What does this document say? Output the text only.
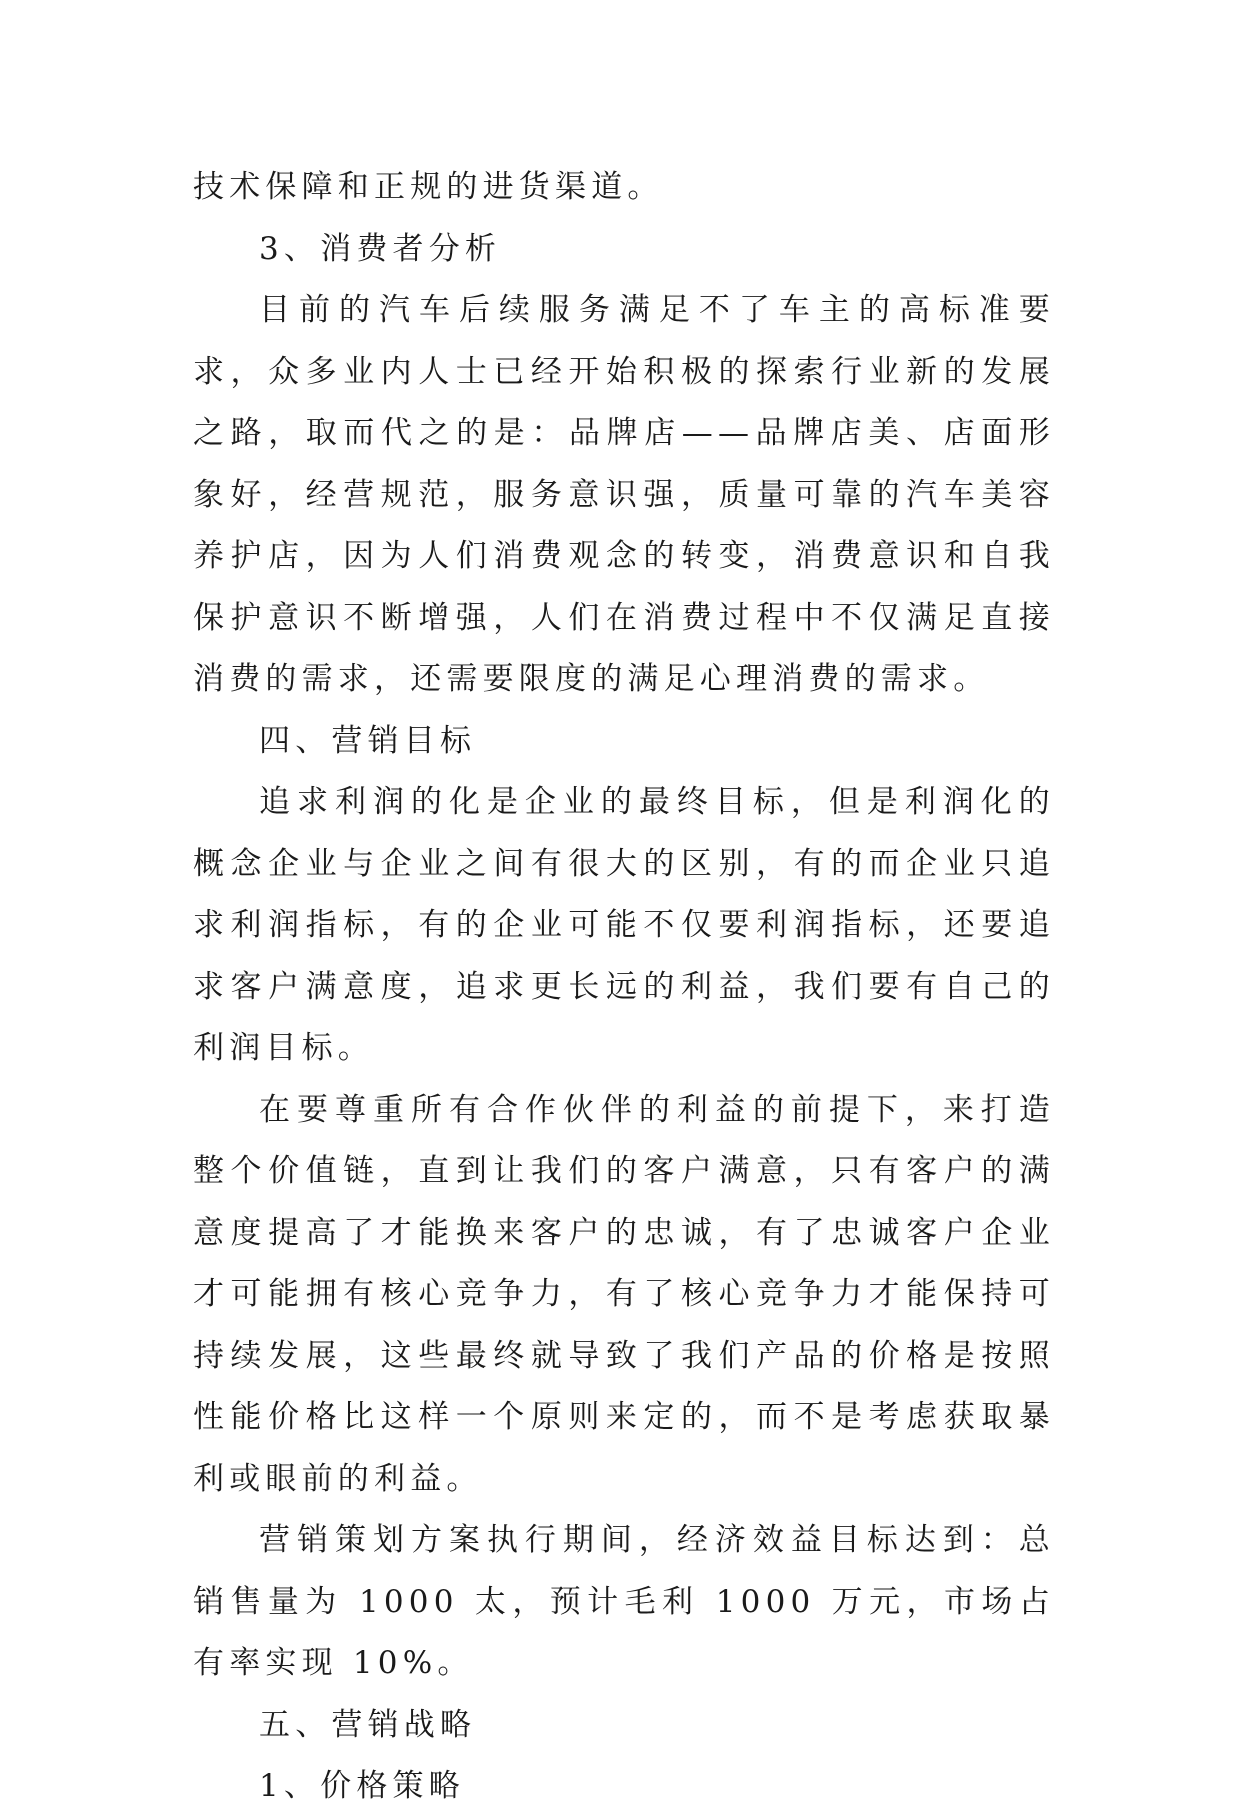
技术保障和正规的进货渠道。

3、消费者分析

目前的汽车后续服务满足不了车主的高标准要求，众多业内人士已经开始积极的探索行业新的发展之路，取而代之的是：品牌店——品牌店美、店面形象好，经营规范，服务意识强，质量可靠的汽车美容养护店，因为人们消费观念的转变，消费意识和自我保护意识不断增强，人们在消费过程中不仅满足直接消费的需求，还需要限度的满足心理消费的需求。

四、营销目标

追求利润的化是企业的最终目标，但是利润化的概念企业与企业之间有很大的区别，有的而企业只追求利润指标，有的企业可能不仅要利润指标，还要追求客户满意度，追求更长远的利益，我们要有自己的利润目标。

在要尊重所有合作伙伴的利益的前提下，来打造整个价值链，直到让我们的客户满意，只有客户的满意度提高了才能换来客户的忠诚，有了忠诚客户企业才可能拥有核心竞争力，有了核心竞争力才能保持可持续发展，这些最终就导致了我们产品的价格是按照性能价格比这样一个原则来定的，而不是考虑获取暴利或眼前的利益。

营销策划方案执行期间，经济效益目标达到：总销售量为 1000 太，预计毛利 1000 万元，市场占有率实现 10%。

五、营销战略

1、价格策略
